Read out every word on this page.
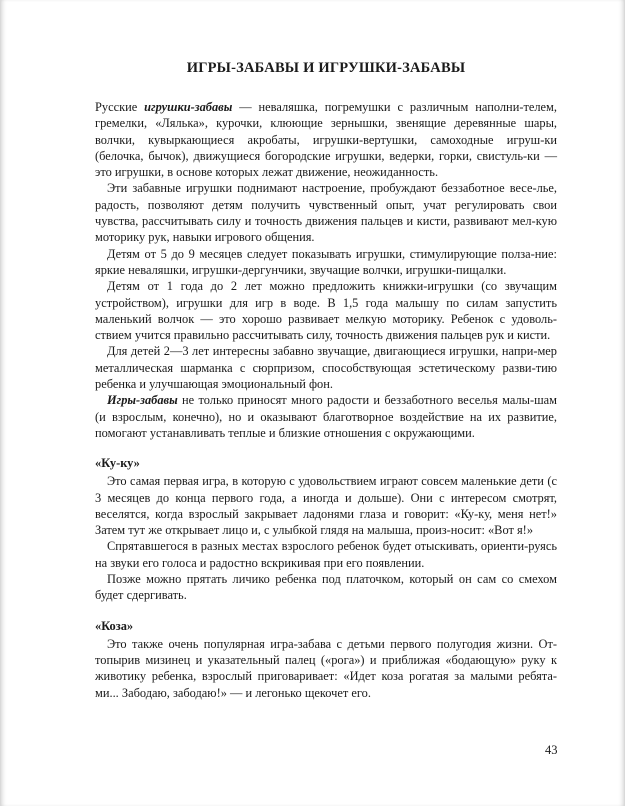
ИГРЫ-ЗАБАВЫ И ИГРУШКИ-ЗАБАВЫ

Русские игрушки-забавы — неваляшка, погремушки с различным наполни-телем, гремелки, «Лялька», курочки, клюющие зернышки, звенящие деревянные шары, волчки, кувыркающиеся акробаты, игрушки-вертушки, самоходные игруш-ки (белочка, бычок), движущиеся богородские игрушки, ведерки, горки, свистуль-ки — это игрушки, в основе которых лежат движение, неожиданность.

Эти забавные игрушки поднимают настроение, пробуждают беззаботное весе-лье, радость, позволяют детям получить чувственный опыт, учат регулировать свои чувства, рассчитывать силу и точность движения пальцев и кисти, развивают мел-кую моторику рук, навыки игрового общения.

Детям от 5 до 9 месяцев следует показывать игрушки, стимулирующие полза-ние: яркие неваляшки, игрушки-дергунчики, звучащие волчки, игрушки-пищалки.

Детям от 1 года до 2 лет можно предложить книжки-игрушки (со звучащим устройством), игрушки для игр в воде. В 1,5 года малышу по силам запустить маленький волчок — это хорошо развивает мелкую моторику. Ребенок с удоволь-ствием учится правильно рассчитывать силу, точность движения пальцев рук и кисти.

Для детей 2—3 лет интересны забавно звучащие, двигающиеся игрушки, напри-мер металлическая шарманка с сюрпризом, способствующая эстетическому разви-тию ребенка и улучшающая эмоциональный фон.

Игры-забавы не только приносят много радости и беззаботного веселья малы-шам (и взрослым, конечно), но и оказывают благотворное воздействие на их развитие, помогают устанавливать теплые и близкие отношения с окружающими.

«Ку-ку»

Это самая первая игра, в которую с удовольствием играют совсем маленькие дети (с 3 месяцев до конца первого года, а иногда и дольше). Они с интересом смотрят, веселятся, когда взрослый закрывает ладонями глаза и говорит: «Ку-ку, меня нет!» Затем тут же открывает лицо и, с улыбкой глядя на малыша, произ-носит: «Вот я!»

Спрятавшегося в разных местах взрослого ребенок будет отыскивать, ориенти-руясь на звуки его голоса и радостно вскрикивая при его появлении.

Позже можно прятать личико ребенка под платочком, который он сам со смехом будет сдергивать.

«Коза»

Это также очень популярная игра-забава с детьми первого полугодия жизни. От-топырив мизинец и указательный палец («рога») и приближая «бодающую» руку к животику ребенка, взрослый приговаривает: «Идет коза рогатая за малыми ребята-ми... Забодаю, забодаю!» — и легонько щекочет его.

43
